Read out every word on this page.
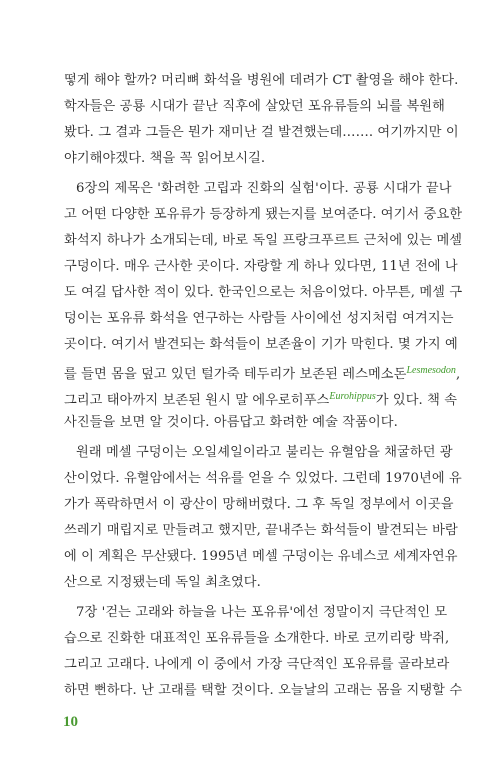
떻게 해야 할까? 머리뼈 화석을 병원에 데려가 CT 촬영을 해야 한다.
학자들은 공룡 시대가 끝난 직후에 살았던 포유류들의 뇌를 복원해
봤다. 그 결과 그들은 뭔가 재미난 걸 발견했는데……. 여기까지만 이
야기해야겠다. 책을 꼭 읽어보시길.
6장의 제목은 '화려한 고립과 진화의 실험'이다. 공룡 시대가 끝나
고 어떤 다양한 포유류가 등장하게 됐는지를 보여준다. 여기서 중요한
화석지 하나가 소개되는데, 바로 독일 프랑크푸르트 근처에 있는 메셀
구덩이다. 매우 근사한 곳이다. 자랑할 게 하나 있다면, 11년 전에 나
도 여길 답사한 적이 있다. 한국인으로는 처음이었다. 아무튼, 메셀 구
덩이는 포유류 화석을 연구하는 사람들 사이에선 성지처럼 여겨지는
곳이다. 여기서 발견되는 화석들이 보존율이 기가 막힌다. 몇 가지 예
를 들면 몸을 덮고 있던 털가죽 테두리가 보존된 레스메소돈$^{Lesmesodon}$,
그리고 태아까지 보존된 원시 말 에우로히푸스$^{Eurohippus}$가 있다. 책 속
사진들을 보면 알 것이다. 아름답고 화려한 예술 작품이다.
원래 메셀 구덩이는 오일셰일이라고 불리는 유혈암을 채굴하던 광
산이었다. 유혈암에서는 석유를 얻을 수 있었다. 그런데 1970년에 유
가가 폭락하면서 이 광산이 망해버렸다. 그 후 독일 정부에서 이곳을
쓰레기 매립지로 만들려고 했지만, 끝내주는 화석들이 발견되는 바람
에 이 계획은 무산됐다. 1995년 메셀 구덩이는 유네스코 세계자연유
산으로 지정됐는데 독일 최초였다.
7장 '걷는 고래와 하늘을 나는 포유류'에선 정말이지 극단적인 모
습으로 진화한 대표적인 포유류들을 소개한다. 바로 코끼리랑 박쥐,
그리고 고래다. 나에게 이 중에서 가장 극단적인 포유류를 골라보라
하면 뻔하다. 난 고래를 택할 것이다. 오늘날의 고래는 몸을 지탱할 수
10
